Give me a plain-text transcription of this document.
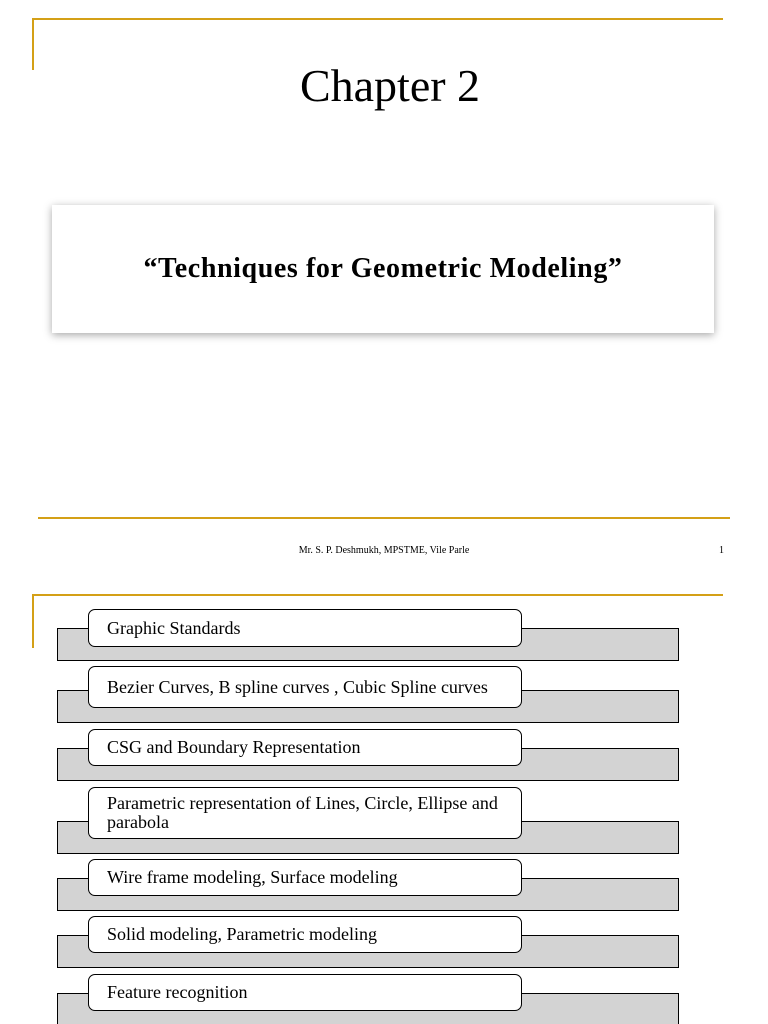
Chapter 2
“Techniques for Geometric Modeling”
Mr. S. P. Deshmukh, MPSTME, Vile Parle	1
Graphic Standards
Bezier Curves, B spline curves , Cubic Spline curves
CSG and Boundary Representation
Parametric representation of Lines, Circle, Ellipse and parabola
Wire frame modeling, Surface modeling
Solid modeling, Parametric modeling
Feature recognition
